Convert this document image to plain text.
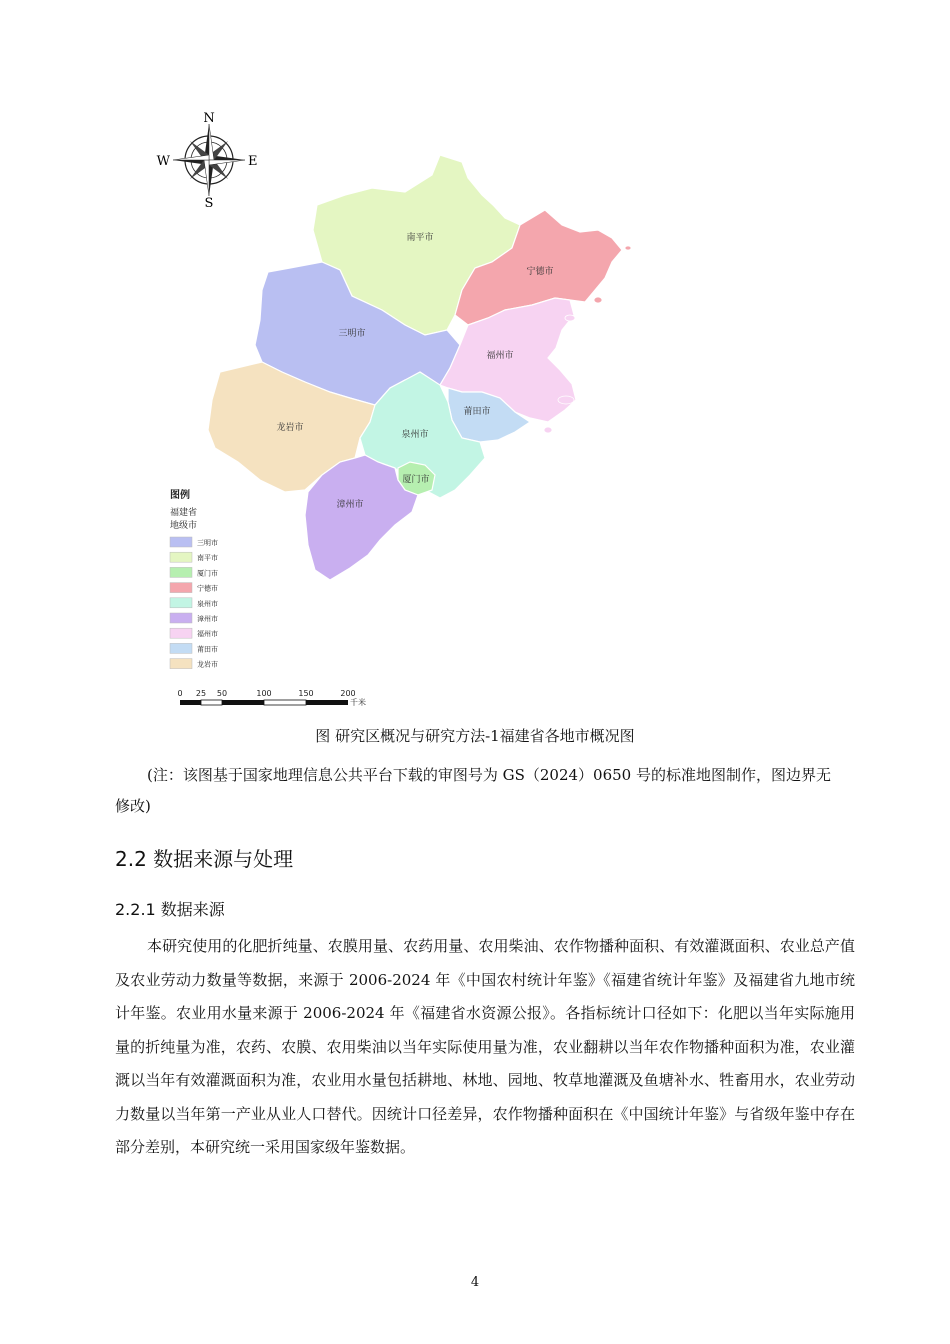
N
S
E
W
南平市
宁德市
三明市
福州市
莆田市
龙岩市
泉州市
厦门市
漳州市
图例
福建省
地级市
三明市
南平市
厦门市
宁德市
泉州市
漳州市
福州市
莆田市
龙岩市
0 25 50	100	150	200
千米
图 研究区概况与研究方法-1福建省各地市概况图
(注：该图基于国家地理信息公共平台下载的审图号为 GS（2024）0650 号的标准地图制作，图边界无修改)
2.2 数据来源与处理
2.2.1 数据来源

本研究使用的化肥折纯量、农膜用量、农药用量、农用柴油、农作物播种面积、有效灌溉面积、农业总产值及农业劳动力数量等数据，来源于 2006-2024 年《中国农村统计年鉴》《福建省统计年鉴》及福建省九地市统计年鉴。农业用水量来源于 2006-2024 年《福建省水资源公报》。各指标统计口径如下：化肥以当年实际施用量的折纯量为准，农药、农膜、农用柴油以当年实际使用量为准，农业翻耕以当年农作物播种面积为准，农业灌溉以当年有效灌溉面积为准，农业用水量包括耕地、林地、园地、牧草地灌溉及鱼塘补水、牲畜用水，农业劳动力数量以当年第一产业从业人口替代。因统计口径差异，农作物播种面积在《中国统计年鉴》与省级年鉴中存在部分差别，本研究统一采用国家级年鉴数据。

4
